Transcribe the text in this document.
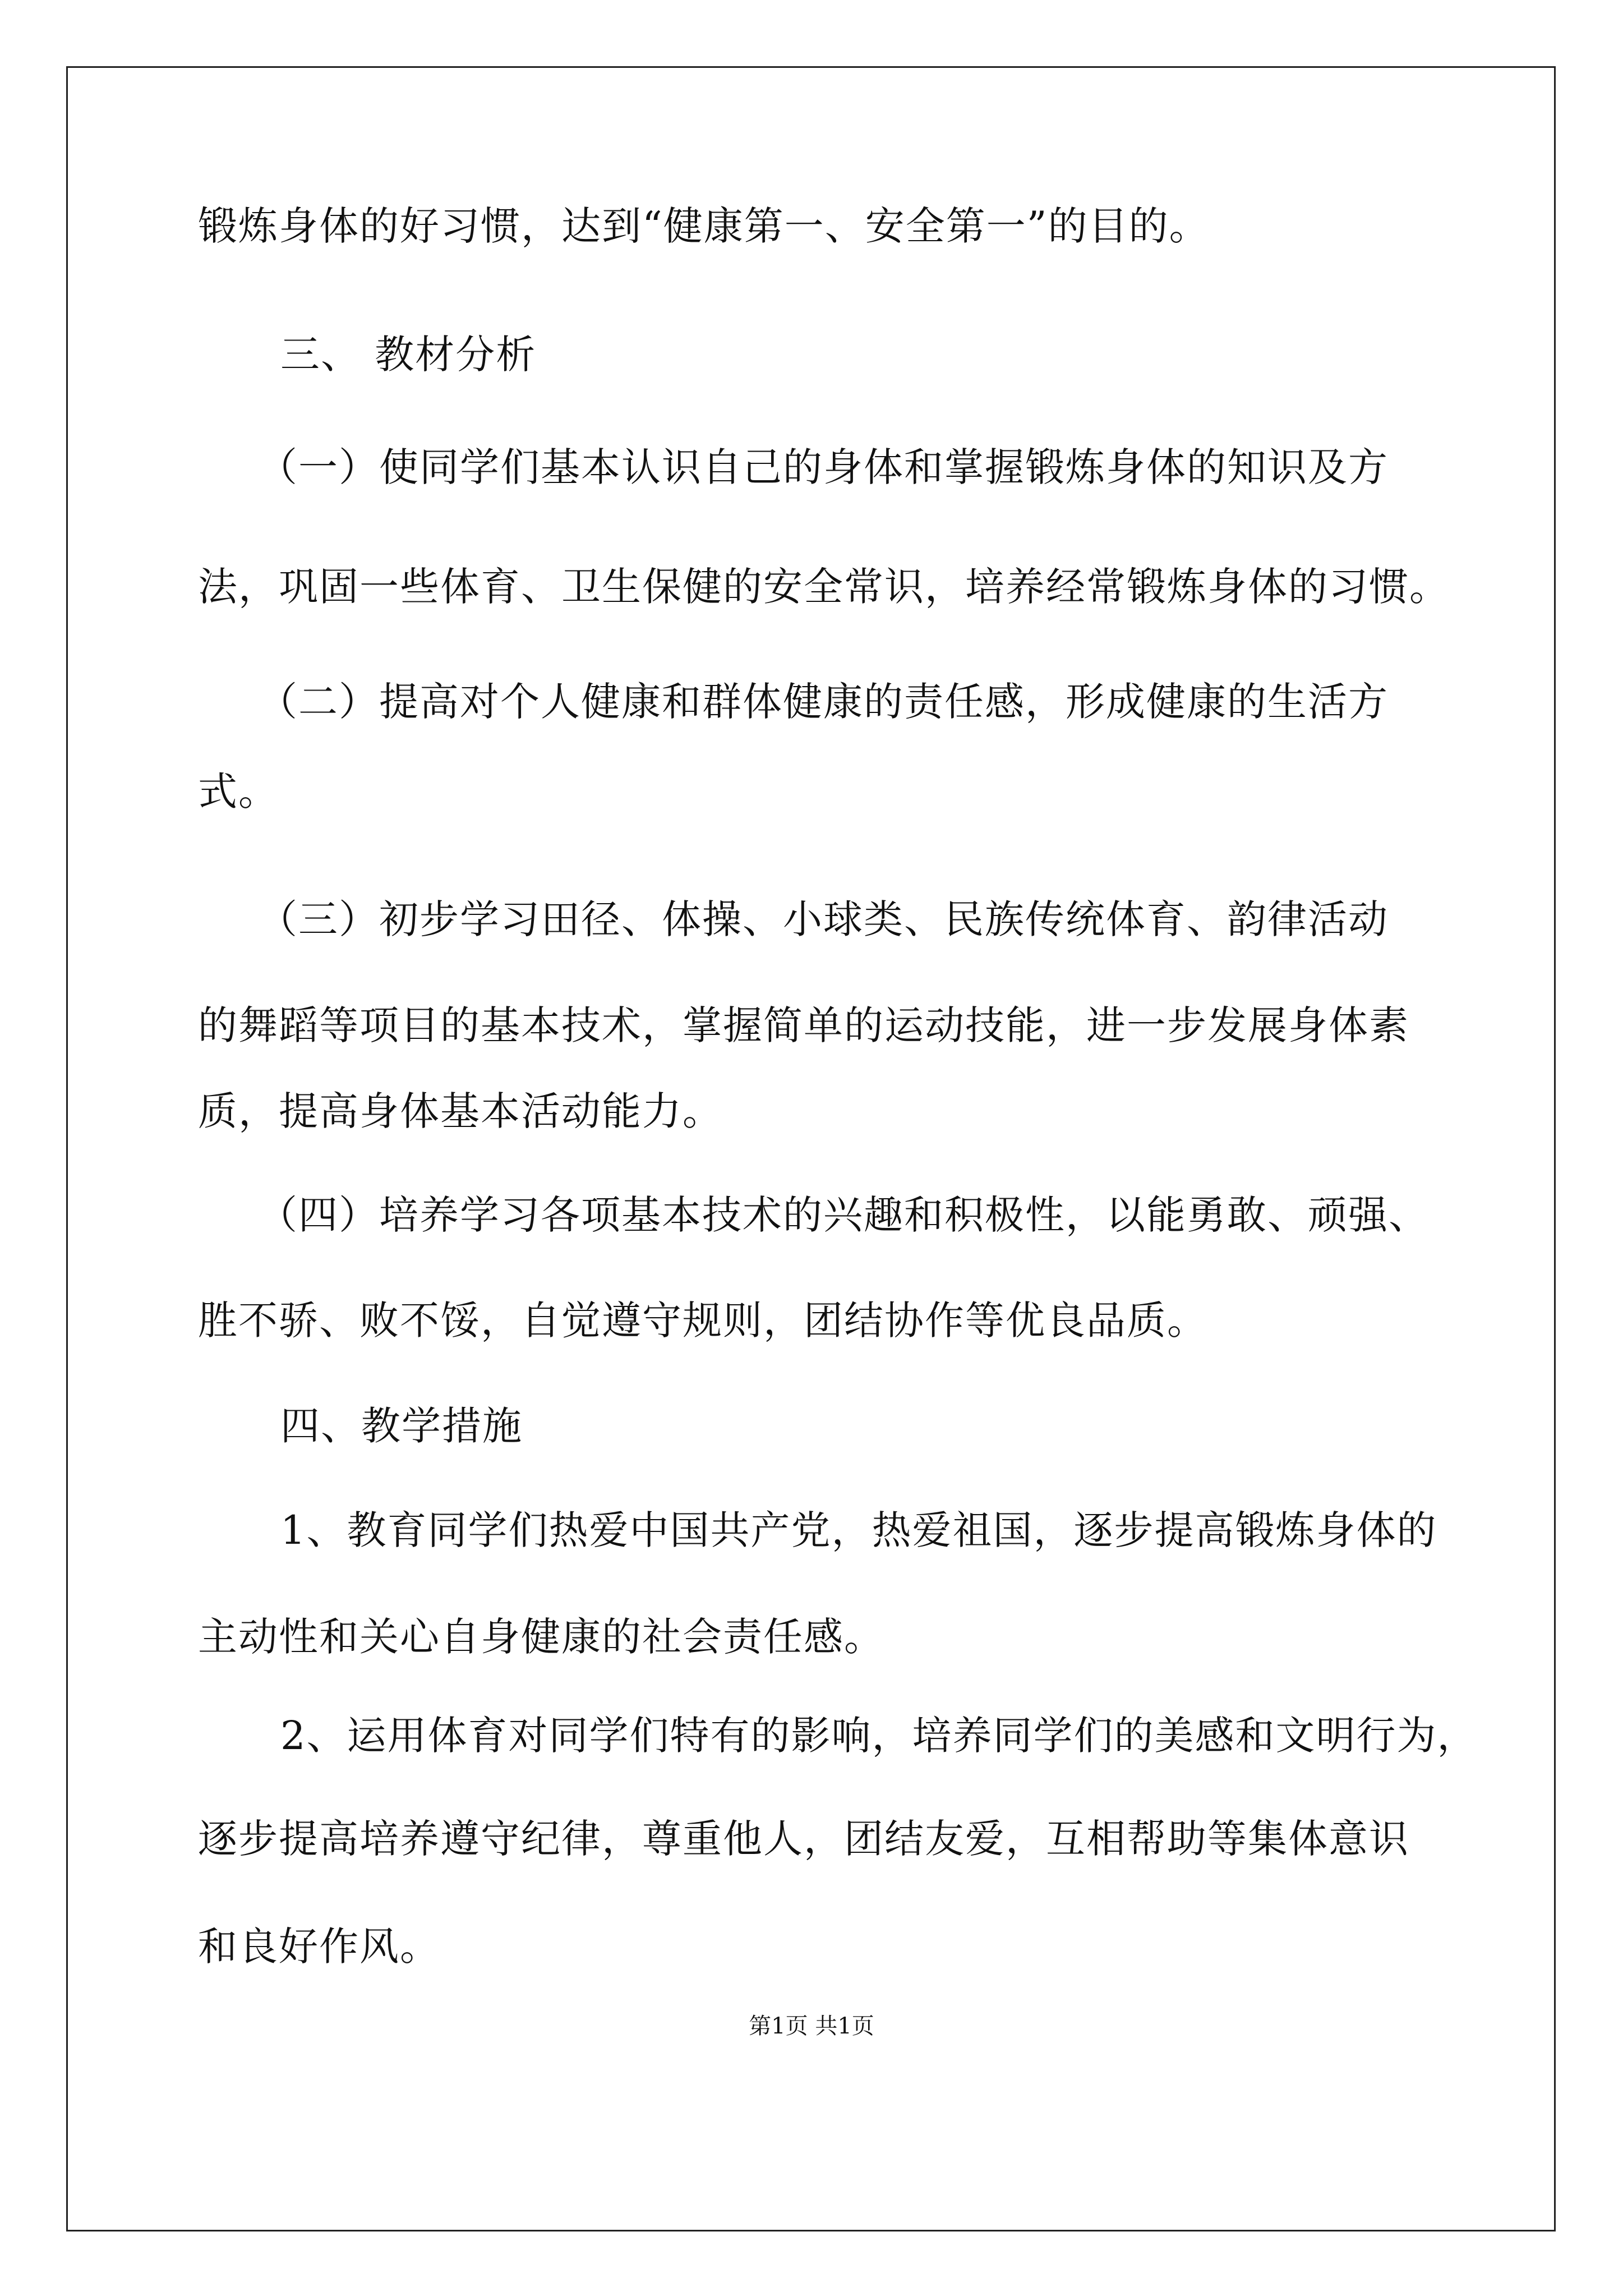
锻炼身体的好习惯，达到“健康第一、安全第一”的目的。
三、 教材分析
（一）使同学们基本认识自己的身体和掌握锻炼身体的知识及方
法，巩固一些体育、卫生保健的安全常识，培养经常锻炼身体的习惯。
（二）提高对个人健康和群体健康的责任感，形成健康的生活方
式。
（三）初步学习田径、体操、小球类、民族传统体育、韵律活动
的舞蹈等项目的基本技术，掌握简单的运动技能，进一步发展身体素
质，提高身体基本活动能力。
（四）培养学习各项基本技术的兴趣和积极性，以能勇敢、顽强、
胜不骄、败不馁，自觉遵守规则，团结协作等优良品质。
四、教学措施
1、教育同学们热爱中国共产党，热爱祖国，逐步提高锻炼身体的
主动性和关心自身健康的社会责任感。
2、运用体育对同学们特有的影响，培养同学们的美感和文明行为，
逐步提高培养遵守纪律，尊重他人，团结友爱，互相帮助等集体意识
和良好作风。
第1页 共1页
